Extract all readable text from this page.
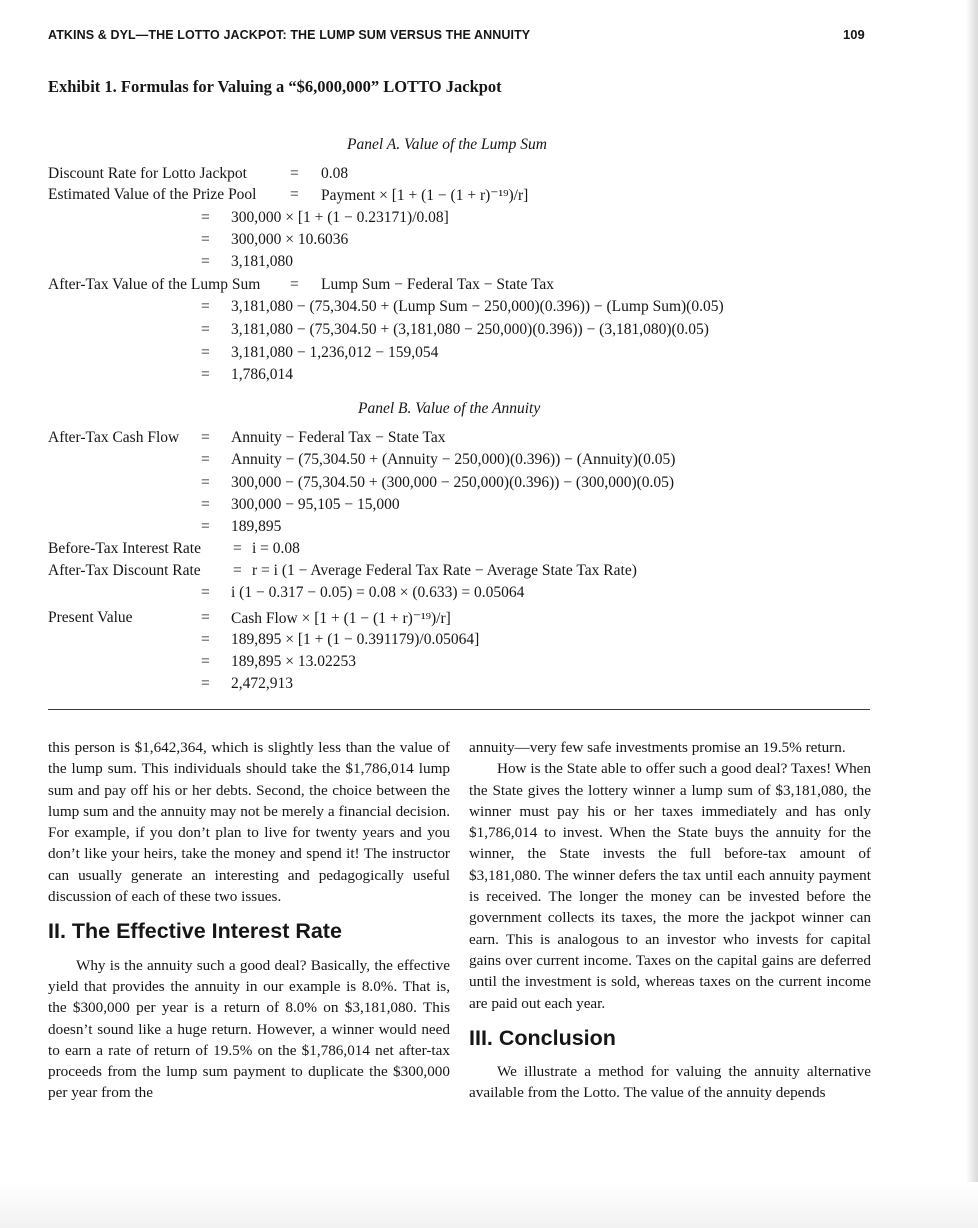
ATKINS & DYL—THE LOTTO JACKPOT: THE LUMP SUM VERSUS THE ANNUITY	109
Exhibit 1. Formulas for Valuing a “$6,000,000” LOTTO Jackpot
Panel A. Value of the Lump Sum
Discount Rate for Lotto Jackpot	= 0.08
Estimated Value of the Prize Pool = Payment × [1 + (1 − (1 + r)⁻¹⁹)/r]
= 300,000 × [1 + (1 − 0.23171)/0.08]
= 300,000 × 10.6036
= 3,181,080
After-Tax Value of the Lump Sum = Lump Sum − Federal Tax − State Tax
= 3,181,080 − (75,304.50 + (Lump Sum − 250,000)(0.396)) − (Lump Sum)(0.05)
= 3,181,080 − (75,304.50 + (3,181,080 − 250,000)(0.396)) − (3,181,080)(0.05)
= 3,181,080 − 1,236,012 − 159,054
= 1,786,014
Panel B. Value of the Annuity
After-Tax Cash Flow = Annuity − Federal Tax − State Tax
= Annuity − (75,304.50 + (Annuity − 250,000)(0.396)) − (Annuity)(0.05)
= 300,000 − (75,304.50 + (300,000 − 250,000)(0.396)) − (300,000)(0.05)
= 300,000 − 95,105 − 15,000
= 189,895
Before-Tax Interest Rate = i = 0.08
After-Tax Discount Rate = r = i (1 − Average Federal Tax Rate − Average State Tax Rate)
= i (1 − 0.317 − 0.05) = 0.08 × (0.633) = 0.05064
Present Value	= Cash Flow × [1 + (1 − (1 + r)⁻¹⁹)/r]
= 189,895 × [1 + (1 − 0.391179)/0.05064]
= 189,895 × 13.02253
= 2,472,913

this person is $1,642,364, which is slightly less than the value of the lump sum. This individuals should take the $1,786,014 lump sum and pay off his or her debts. Second, the choice between the lump sum and the annuity may not be merely a financial decision. For example, if you don’t plan to live for twenty years and you don’t like your heirs, take the money and spend it! The instructor can usually generate an interesting and pedagogically useful discussion of each of these two issues.

II. The Effective Interest Rate

Why is the annuity such a good deal? Basically, the effective yield that provides the annuity in our example is 8.0%. That is, the $300,000 per year is a return of 8.0% on $3,181,080. This doesn’t sound like a huge return. However, a winner would need to earn a rate of return of 19.5% on the $1,786,014 net after-tax proceeds from the lump sum payment to duplicate the $300,000 per year from the

annuity—very few safe investments promise an 19.5% return.

How is the State able to offer such a good deal? Taxes! When the State gives the lottery winner a lump sum of $3,181,080, the winner must pay his or her taxes immediately and has only $1,786,014 to invest. When the State buys the annuity for the winner, the State invests the full before-tax amount of $3,181,080. The winner defers the tax until each annuity payment is received. The longer the money can be invested before the government collects its taxes, the more the jackpot winner can earn. This is analogous to an investor who invests for capital gains over current income. Taxes on the capital gains are deferred until the investment is sold, whereas taxes on the current income are paid out each year.

III. Conclusion

We illustrate a method for valuing the annuity alternative available from the Lotto. The value of the annuity depends
